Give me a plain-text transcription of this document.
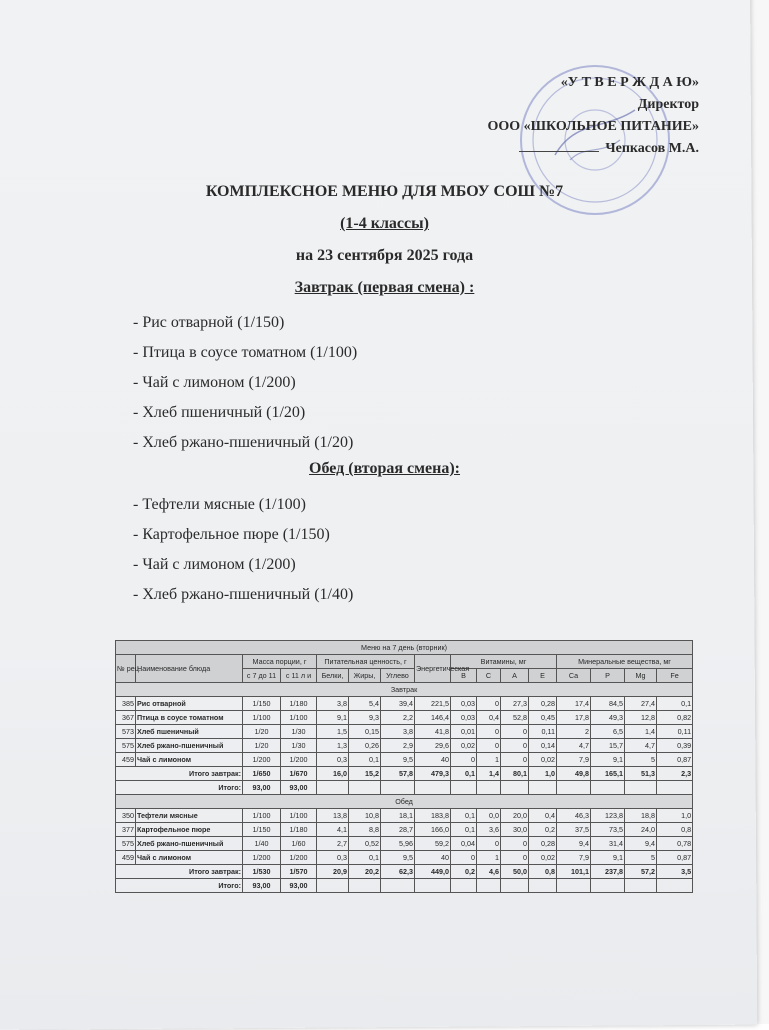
«У Т В Е Р Ж Д А Ю»
Директор
ООО «ШКОЛЬНОЕ ПИТАНИЕ»
Чепкасов М.А.
КОМПЛЕКСНОЕ МЕНЮ ДЛЯ МБОУ СОШ №7
(1-4 классы)
на 23 сентября 2025 года
Завтрак (первая смена) :
- Рис отварной (1/150)
- Птица в соусе томатном (1/100)
- Чай с лимоном (1/200)
- Хлеб пшеничный (1/20)
- Хлеб ржано-пшеничный (1/20)
Обед (вторая смена):
- Тефтели мясные (1/100)
- Картофельное пюре (1/150)
- Чай с лимоном (1/200)
- Хлеб ржано-пшеничный (1/40)
Меню на 7 день (вторник)															
№ рец.	Наименование блюда	Масса порции, г		Питательная ценность, г			Энергетическая	Витамины, мг				Минеральные вещества, мг			
		с 7 до 11	с 11 л и	Белки,	Жиры,	Углево		B	C	A	E	Ca	P	Mg	Fe
Завтрак															
385	Рис отварной	1/150	1/180	3,8	5,4	39,4	221,5	0,03	0	27,3	0,28	17,4	84,5	27,4	0,1
367	Птица в соусе томатном	1/100	1/100	9,1	9,3	2,2	146,4	0,03	0,4	52,8	0,45	17,8	49,3	12,8	0,82
573	Хлеб пшеничный	1/20	1/30	1,5	0,15	3,8	41,8	0,01	0	0	0,11	2	6,5	1,4	0,11
575	Хлеб ржано-пшеничный	1/20	1/30	1,3	0,26	2,9	29,6	0,02	0	0	0,14	4,7	15,7	4,7	0,39
459	Чай с лимоном	1/200	1/200	0,3	0,1	9,5	40	0	1	0	0,02	7,9	9,1	5	0,87
Итого завтрак:		1/650	1/670	16,0	15,2	57,8	479,3	0,1	1,4	80,1	1,0	49,8	165,1	51,3	2,3
Итого:		93,00	93,00												
Обед															
350	Тефтели мясные	1/100	1/100	13,8	10,8	18,1	183,8	0,1	0,0	20,0	0,4	46,3	123,8	18,8	1,0
377	Картофельное пюре	1/150	1/180	4,1	8,8	28,7	166,0	0,1	3,6	30,0	0,2	37,5	73,5	24,0	0,8
575	Хлеб ржано-пшеничный	1/40	1/60	2,7	0,52	5,96	59,2	0,04	0	0	0,28	9,4	31,4	9,4	0,78
459	Чай с лимоном	1/200	1/200	0,3	0,1	9,5	40	0	1	0	0,02	7,9	9,1	5	0,87
Итого завтрак:		1/530	1/570	20,9	20,2	62,3	449,0	0,2	4,6	50,0	0,8	101,1	237,8	57,2	3,5
Итого:		93,00	93,00												
